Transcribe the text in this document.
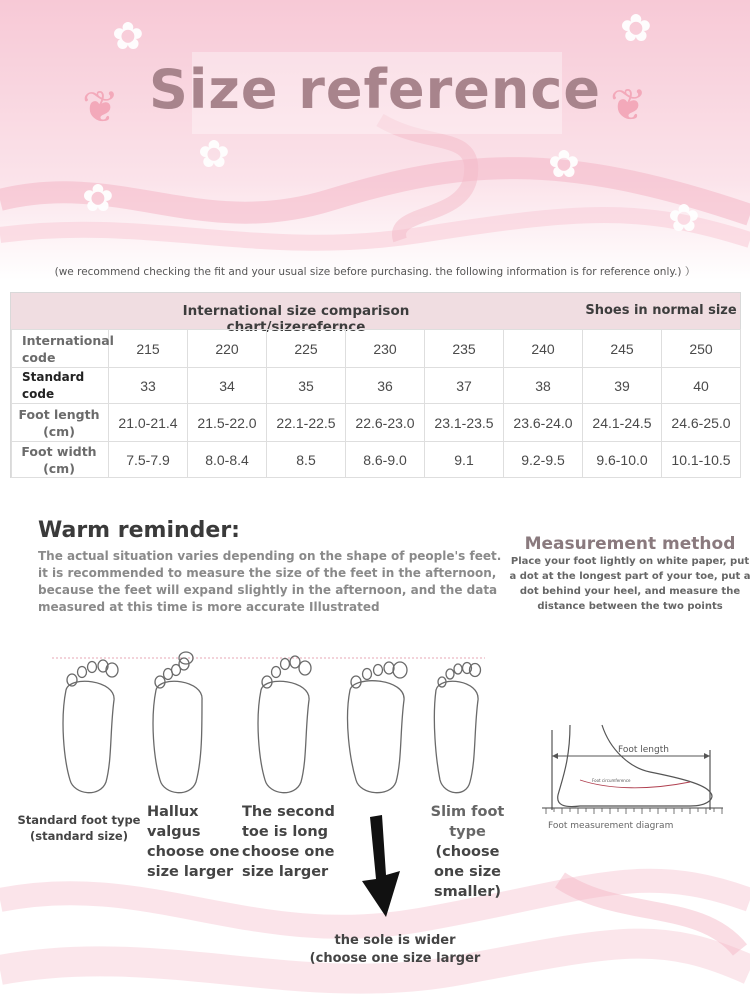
✿	✿
✿	✿
✿	✿
❦	❦
Size reference
(we recommend checking the fit and your usual size before purchasing. the following information is for reference only.) ）
International size comparison chart/sizerefernce
Shoes in normal size
International code	215	220	225	230	235	240	245	250
Standard code	33	34	35	36	37	38	39	40
Foot length (cm)	21.0-21.4	21.5-22.0	22.1-22.5	22.6-23.0	23.1-23.5	23.6-24.0	24.1-24.5	24.6-25.0
Foot width (cm)	7.5-7.9	8.0-8.4	8.5	8.6-9.0	9.1	9.2-9.5	9.6-10.0	10.1-10.5
Warm reminder:
The actual situation varies depending on the shape of people's feet. it is recommended to measure the size of the feet in the afternoon, because the feet will expand slightly in the afternoon, and the data measured at this time is more accurate Illustrated
Measurement method
Place your foot lightly on white paper, put a dot at the longest part of your toe, put a dot behind your heel, and measure the distance between the two points
Standard foot type
(standard size)
Hallux valgus
choose one
size larger
The second
toe is long
choose one
size larger
Slim foot
type
(choose
one size
smaller)
the sole is wider
(choose one size larger
Foot length
Foot circumference
Foot measurement diagram
